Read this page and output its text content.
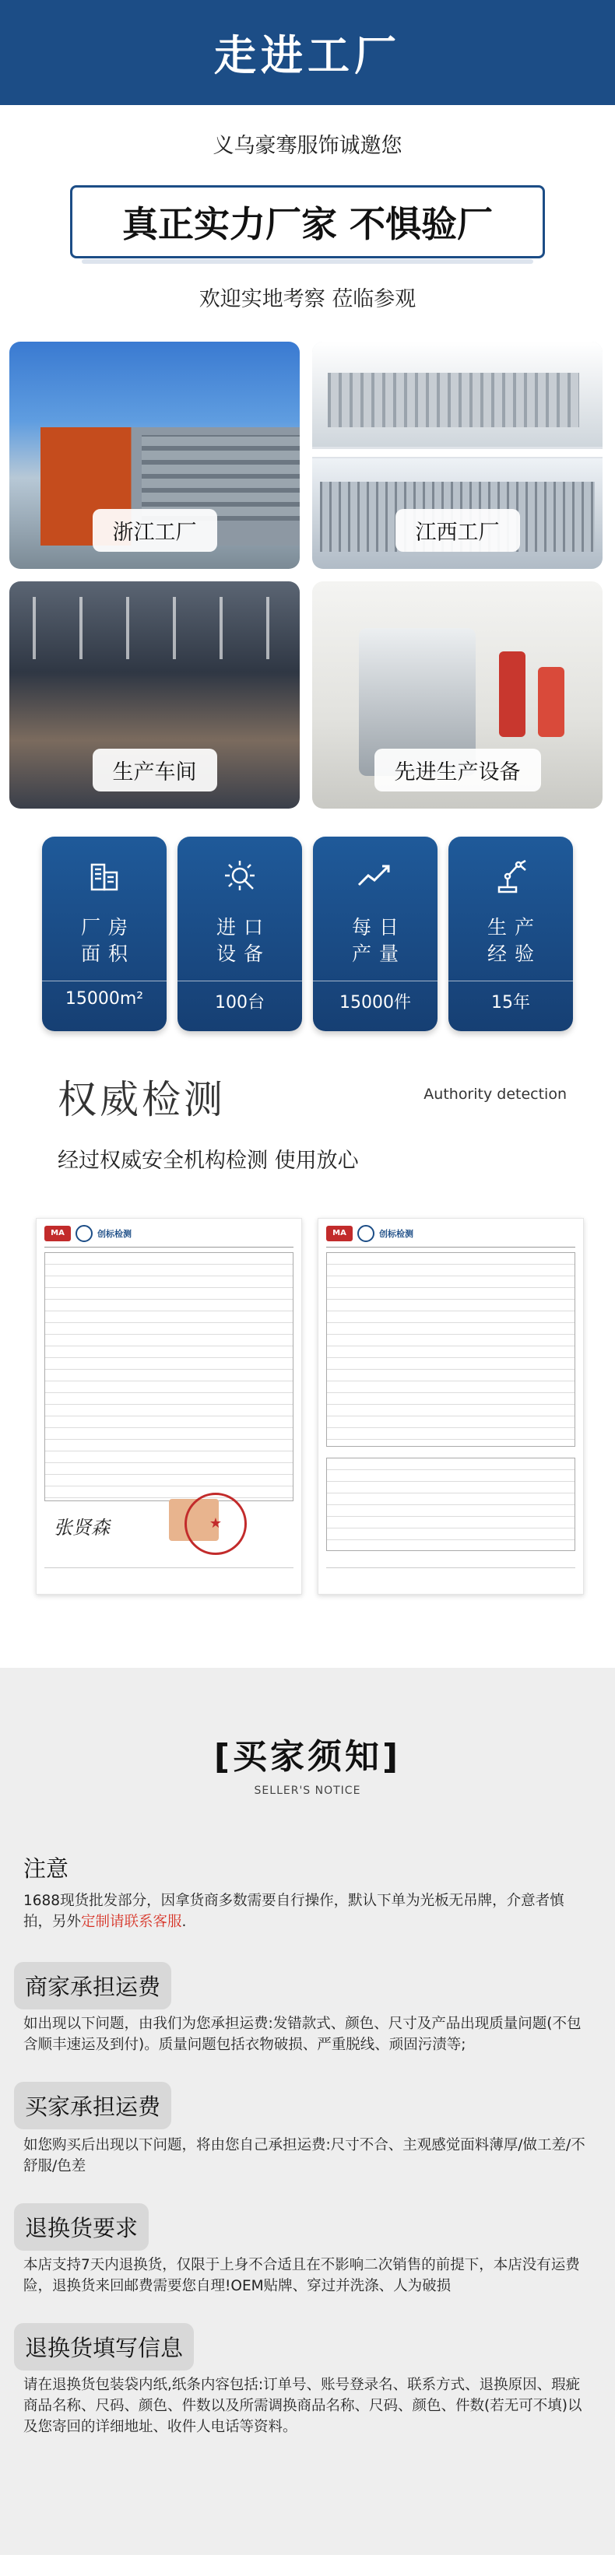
走进工厂
义乌豪骞服饰诚邀您
真正实力厂家 不惧验厂
欢迎实地考察 莅临参观
浙江工厂	江西工厂
生产车间	先进生产设备
厂房
面积
15000m²
进口
设备
100台
每日
产量
15000件
生产
经验
15年
权威检测	Authority detection
经过权威安全机构检测 使用放心
MA	创标检测
张贤森	★
MA	创标检测
[买家须知]
SELLER'S NOTICE
注意
1688现货批发部分，因拿货商多数需要自行操作，默认下单为光板无吊牌，介意者慎拍，另外定制请联系客服.
商家承担运费
如出现以下问题，由我们为您承担运费:发错款式、颜色、尺寸及产品出现质量问题(不包含顺丰速运及到付)。质量问题包括衣物破损、严重脱线、顽固污渍等;
买家承担运费
如您购买后出现以下问题，将由您自己承担运费:尺寸不合、主观感觉面料薄厚/做工差/不舒服/色差
退换货要求
本店支持7天内退换货，仅限于上身不合适且在不影响二次销售的前提下，本店没有运费险，退换货来回邮费需要您自理!OEM贴牌、穿过并洗涤、人为破损
退换货填写信息
请在退换货包装袋内纸,纸条内容包括:订单号、账号登录名、联系方式、退换原因、瑕疵商品名称、尺码、颜色、件数以及所需调换商品名称、尺码、颜色、件数(若无可不填)以及您寄回的详细地址、收件人电话等资料。
